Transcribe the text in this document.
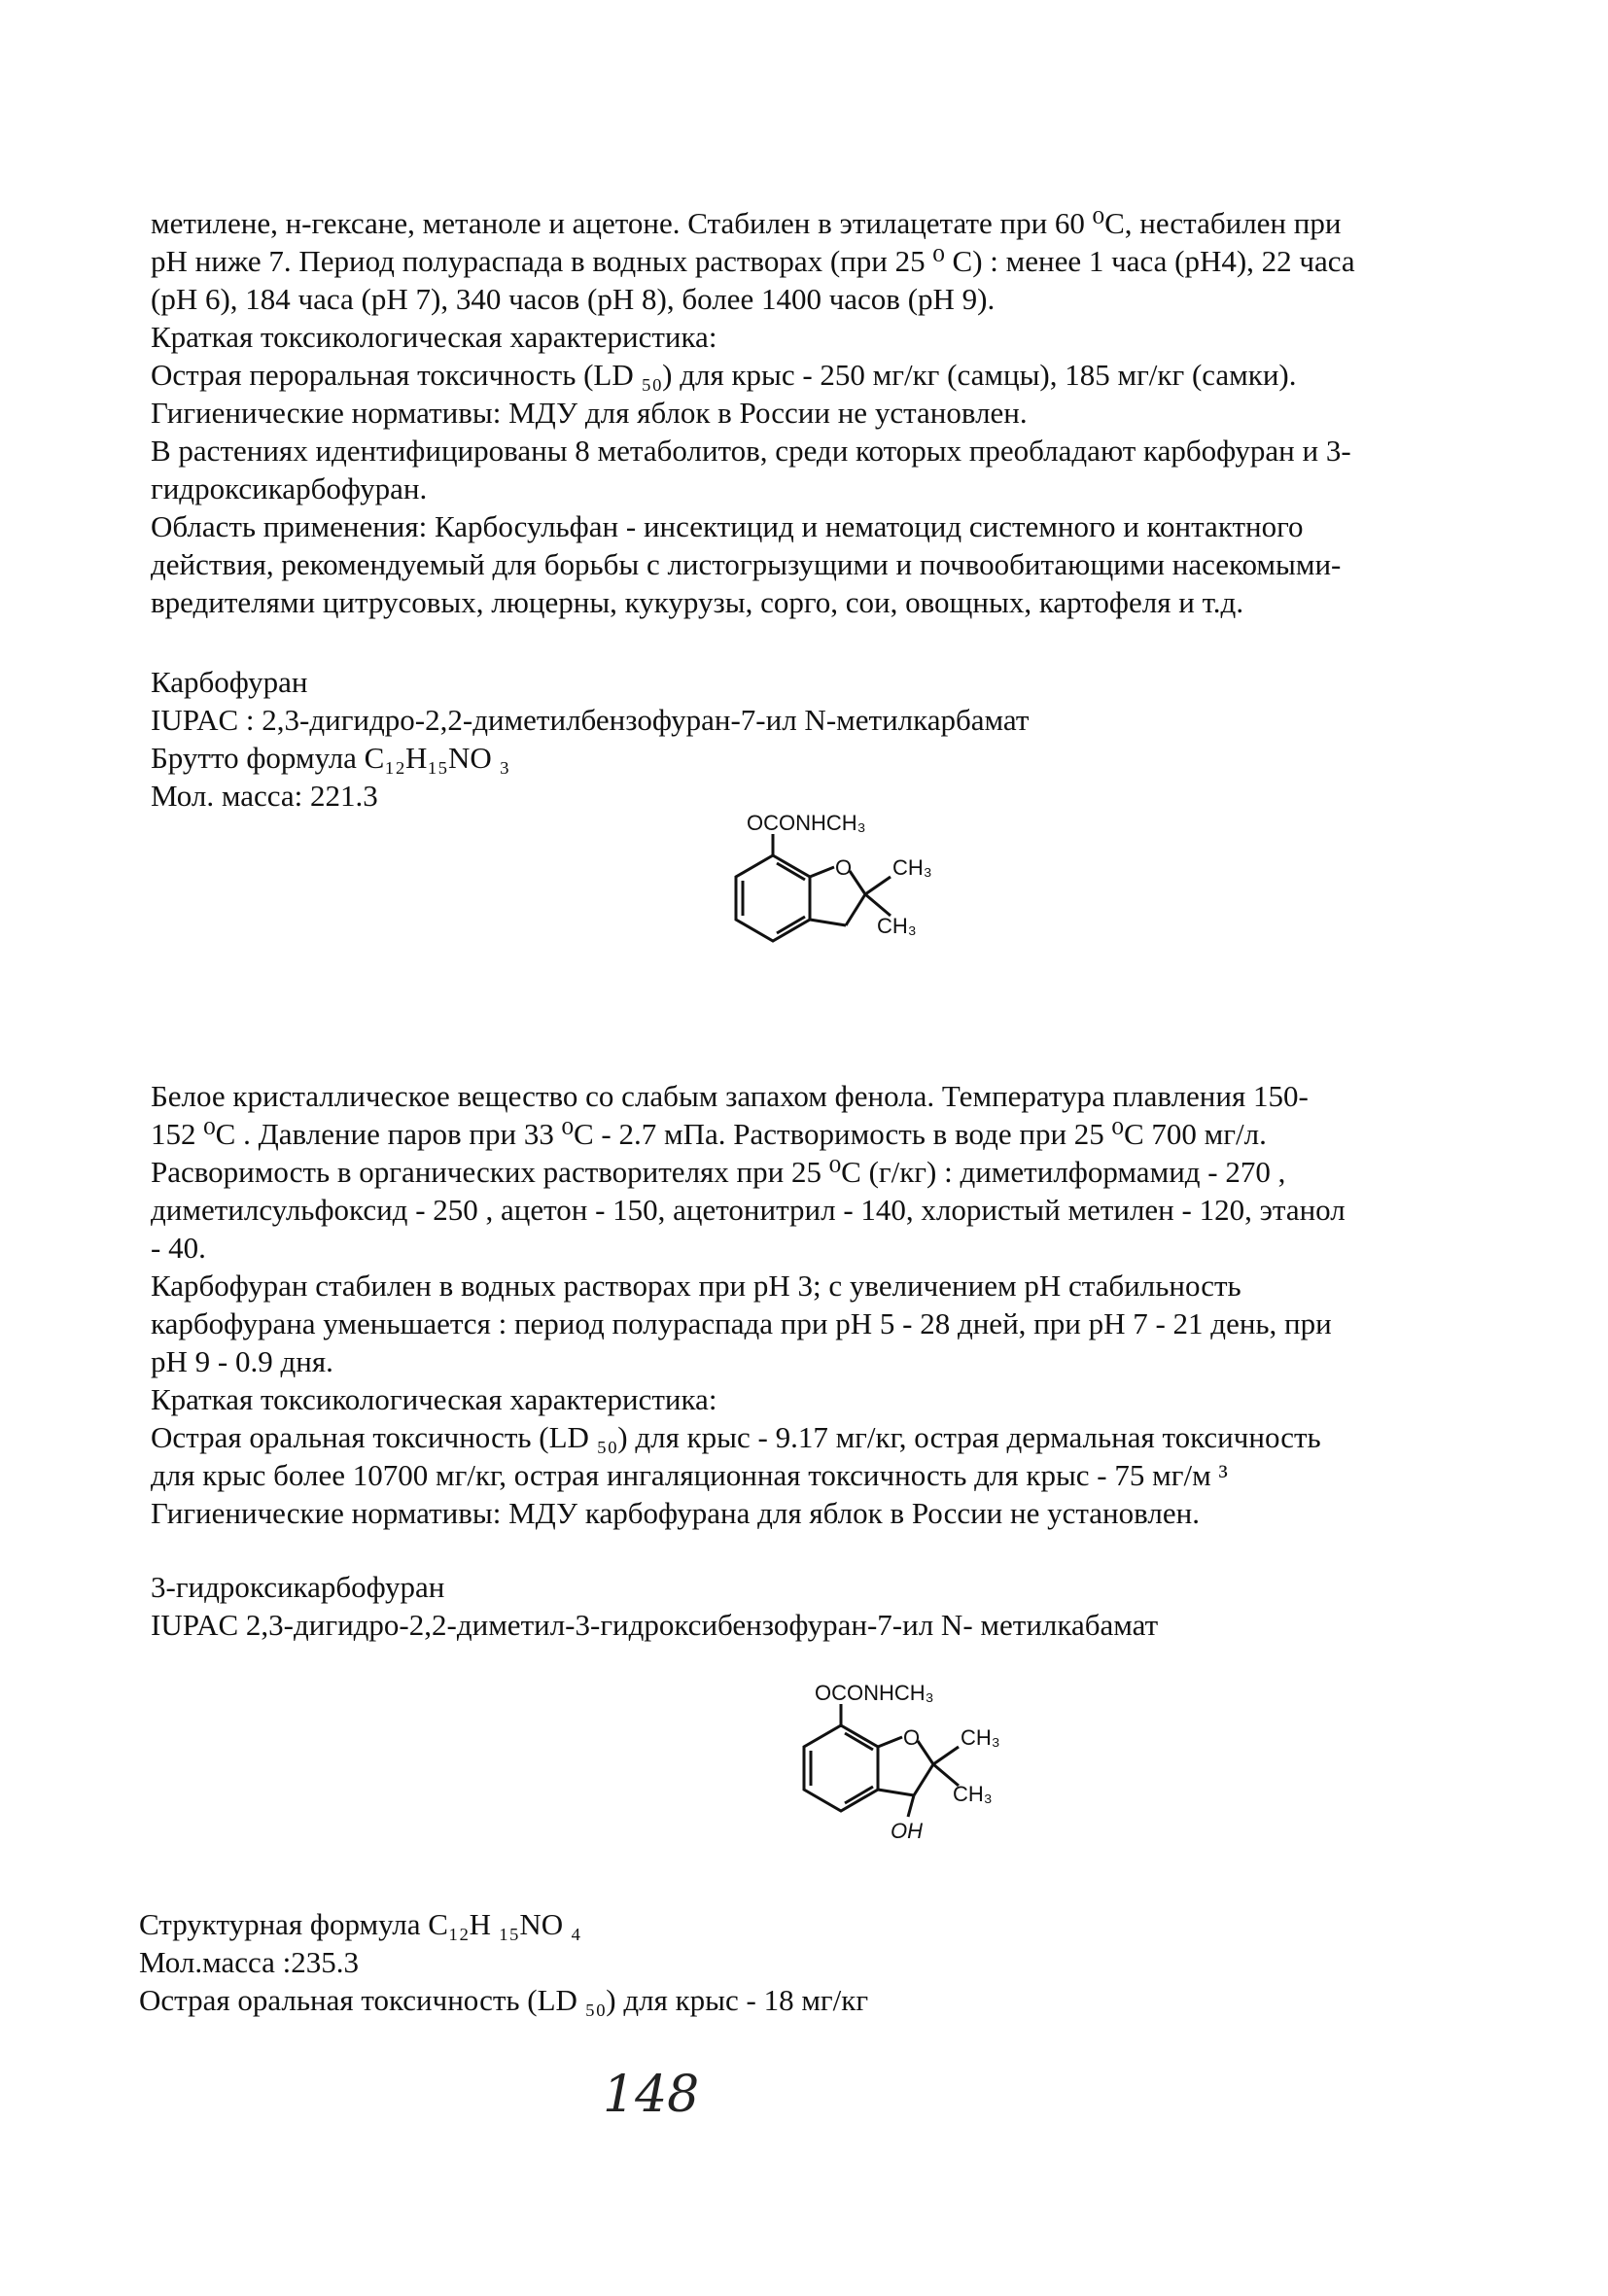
метилене, н-гексане, метаноле и ацетоне. Стабилен в этилацетате при 60 ⁰С, нестабилен при

pH ниже 7. Период полураспада в водных растворах (при 25 ⁰ С) : менее 1 часа (pH4), 22 часа

(pH 6), 184 часа (pH 7), 340 часов (pH 8), более 1400 часов (pH 9).

Краткая токсикологическая характеристика:

Острая пероральная токсичность (LD ₅₀) для крыс - 250 мг/кг (самцы), 185 мг/кг (самки).

Гигиенические нормативы: МДУ для яблок в России не установлен.

В растениях идентифицированы 8 метаболитов, среди которых преобладают карбофуран и 3-

гидроксикарбофуран.

Область применения: Карбосульфан - инсектицид и нематоцид системного и контактного

действия, рекомендуемый для борьбы с листогрызущими и почвообитающими насекомыми-

вредителями цитрусовых, люцерны, кукурузы, сорго, сои, овощных, картофеля и т.д.

Карбофуран

IUPAC : 2,3-дигидро-2,2-диметилбензофуран-7-ил N-метилкарбамат

Брутто формула C₁₂H₁₅NO ₃

Мол. масса: 221.3

OCONHCH₃
O CH₃
CH₃

Белое кристаллическое вещество со слабым запахом фенола. Температура плавления 150-

152 ⁰С . Давление паров при 33 ⁰С - 2.7 мПа. Растворимость в воде при 25 ⁰С 700 мг/л.

Расворимость в органических растворителях при 25 ⁰С (г/кг) : диметилформамид - 270 ,

диметилсульфоксид - 250 , ацетон - 150, ацетонитрил - 140, хлористый метилен - 120, этанол

- 40.

Карбофуран стабилен в водных растворах при pH 3; с увеличением pH стабильность

карбофурана уменьшается : период полураспада при pH 5 - 28 дней, при pH 7 - 21 день, при

pH 9 - 0.9 дня.

Краткая токсикологическая характеристика:

Острая оральная токсичность (LD ₅₀) для крыс - 9.17 мг/кг, острая дермальная токсичность

для крыс более 10700 мг/кг, острая ингаляционная токсичность для крыс - 75 мг/м ³

Гигиенические нормативы: МДУ карбофурана для яблок в России не установлен.

3-гидроксикарбофуран

IUPAC 2,3-дигидро-2,2-диметил-3-гидроксибензофуран-7-ил N- метилкабамат

OCONHCH₃
O CH₃
CH₃
OH

Структурная формула C₁₂H ₁₅NO ₄

Мол.масса :235.3

Острая оральная токсичность (LD ₅₀) для крыс - 18 мг/кг

148
